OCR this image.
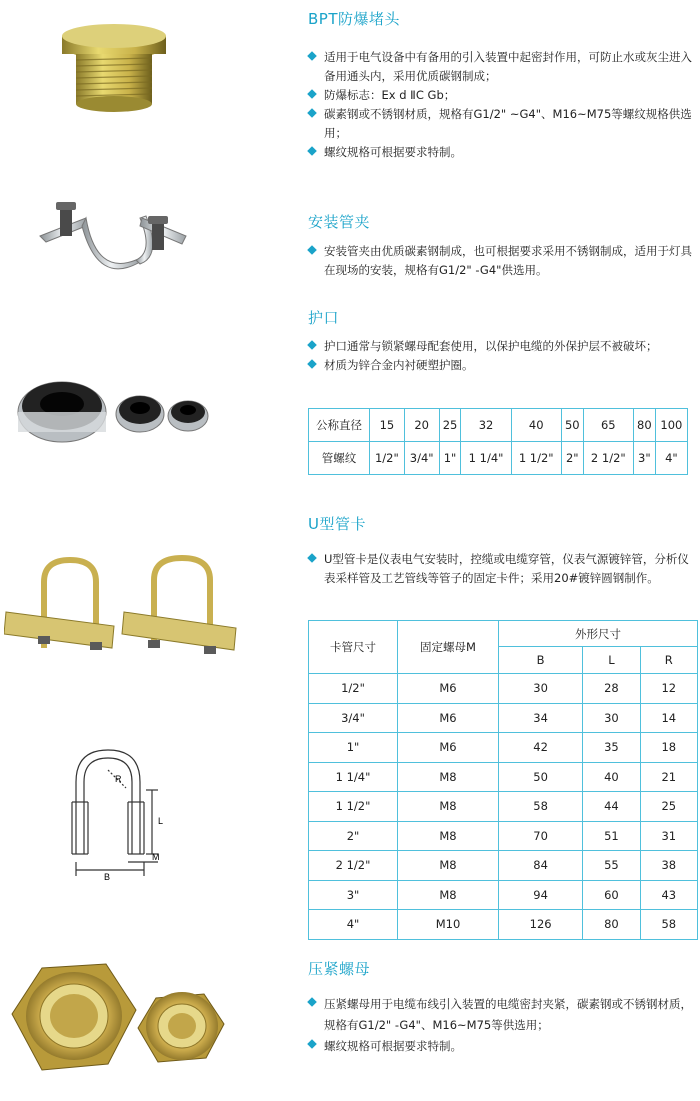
BPT防爆堵头
适用于电气设备中有备用的引入装置中起密封作用，可防止水或灰尘进入备用通头内，采用优质碳钢制成；
防爆标志：Ex d ⅡC Gb；
碳素钢或不锈钢材质，规格有G1/2" ~G4"、M16~M75等螺纹规格供选用；
螺纹规格可根据要求特制。
安装管夹
安装管夹由优质碳素钢制成，也可根据要求采用不锈钢制成，适用于灯具在现场的安装，规格有G1/2" -G4"供选用。
护口
护口通常与锁紧螺母配套使用，以保护电缆的外保护层不被破坏；
材质为锌合金内衬硬塑护圈。
公称直径	15	20	25	32	40	50	65	80	100
管螺纹	1/2"	3/4"	1"	1 1/4"	1 1/2"	2"	2 1/2"	3"	4"
R
L
M
B
U型管卡
U型管卡是仪表电气安装时，控缆或电缆穿管，仪表气源镀锌管，分析仪表采样管及工艺管线等管子的固定卡件；采用20#镀锌圆钢制作。
卡管尺寸	固定螺母M	外形尺寸		
		B	L	R
1/2"	M6	30	28	12
3/4"	M6	34	30	14
1"	M6	42	35	18
1 1/4"	M8	50	40	21
1 1/2"	M8	58	44	25
2"	M8	70	51	31
2 1/2"	M8	84	55	38
3"	M8	94	60	43
4"	M10	126	80	58
压紧螺母
压紧螺母用于电缆布线引入装置的电缆密封夹紧，碳素钢或不锈钢材质，规格有G1/2" -G4"、M16~M75等供选用；
螺纹规格可根据要求特制。
